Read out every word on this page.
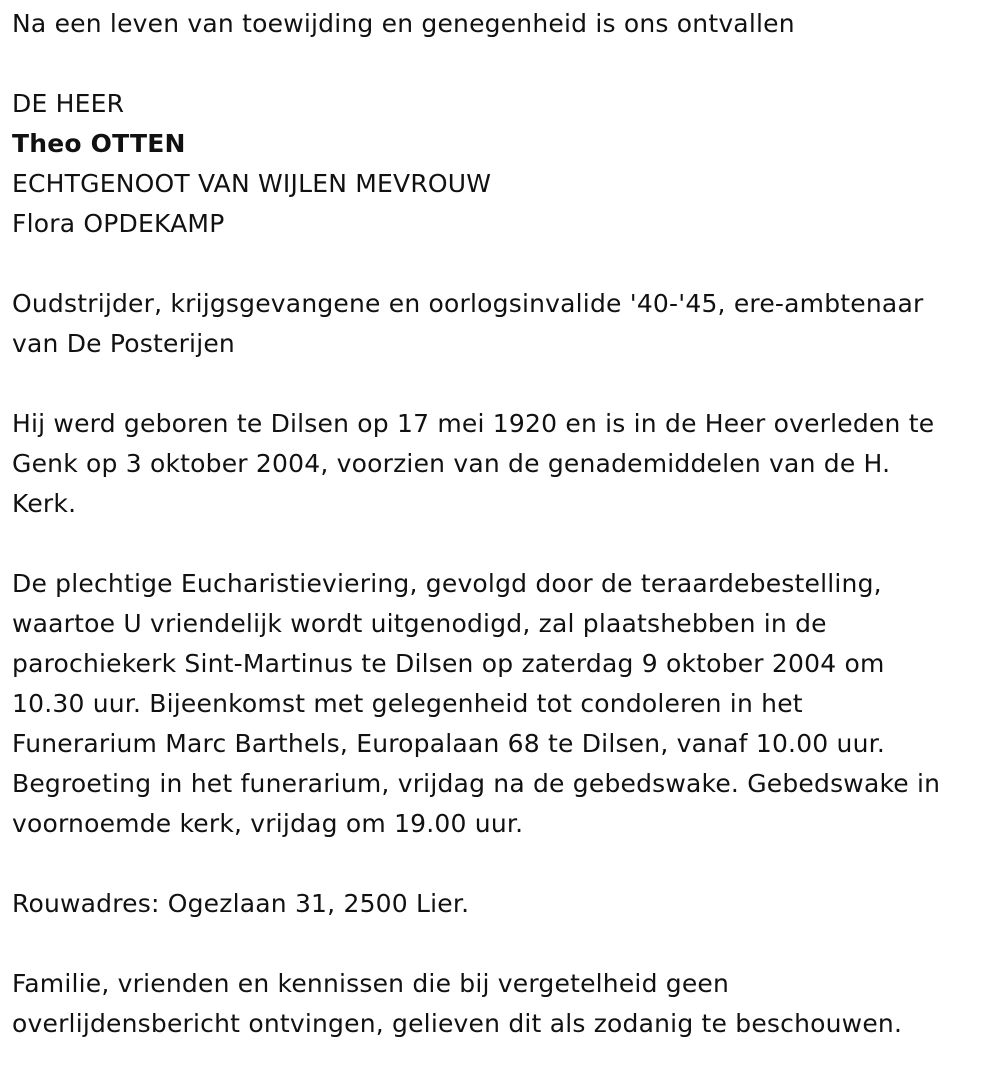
Na een leven van toewijding en genegenheid is ons ontvallen

DE HEER

Theo OTTEN

ECHTGENOOT VAN WIJLEN MEVROUW

Flora OPDEKAMP

Oudstrijder, krijgsgevangene en oorlogsinvalide '40-'45, ere-ambtenaar

van De Posterijen

Hij werd geboren te Dilsen op 17 mei 1920 en is in de Heer overleden te

Genk op 3 oktober 2004, voorzien van de genademiddelen van de H.

Kerk.

De plechtige Eucharistieviering, gevolgd door de teraardebestelling,

waartoe U vriendelijk wordt uitgenodigd, zal plaatshebben in de

parochiekerk Sint-Martinus te Dilsen op zaterdag 9 oktober 2004 om

10.30 uur. Bijeenkomst met gelegenheid tot condoleren in het

Funerarium Marc Barthels, Europalaan 68 te Dilsen, vanaf 10.00 uur.

Begroeting in het funerarium, vrijdag na de gebedswake. Gebedswake in

voornoemde kerk, vrijdag om 19.00 uur.

Rouwadres: Ogezlaan 31, 2500 Lier.

Familie, vrienden en kennissen die bij vergetelheid geen

overlijdensbericht ontvingen, gelieven dit als zodanig te beschouwen.
